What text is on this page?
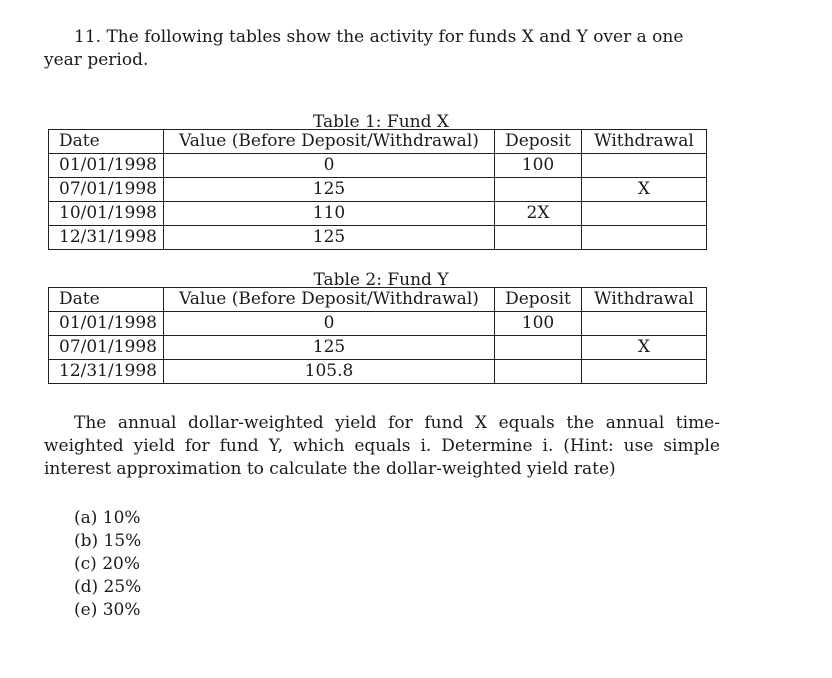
11. The following tables show the activity for funds X and Y over a one year period.

Table 1: Fund X
Date	Value (Before Deposit/Withdrawal)	Deposit	Withdrawal
01/01/1998	0	100	
07/01/1998	125		X
10/01/1998	110	2X	
12/31/1998	125		
Table 2: Fund Y
Date	Value (Before Deposit/Withdrawal)	Deposit	Withdrawal
01/01/1998	0	100	
07/01/1998	125		X
12/31/1998	105.8		

The annual dollar-weighted yield for fund X equals the annual time-weighted yield for fund Y, which equals i. Determine i. (Hint: use simple interest approximation to calculate the dollar-weighted yield rate)

(a) 10%
(b) 15%
(c) 20%
(d) 25%
(e) 30%
